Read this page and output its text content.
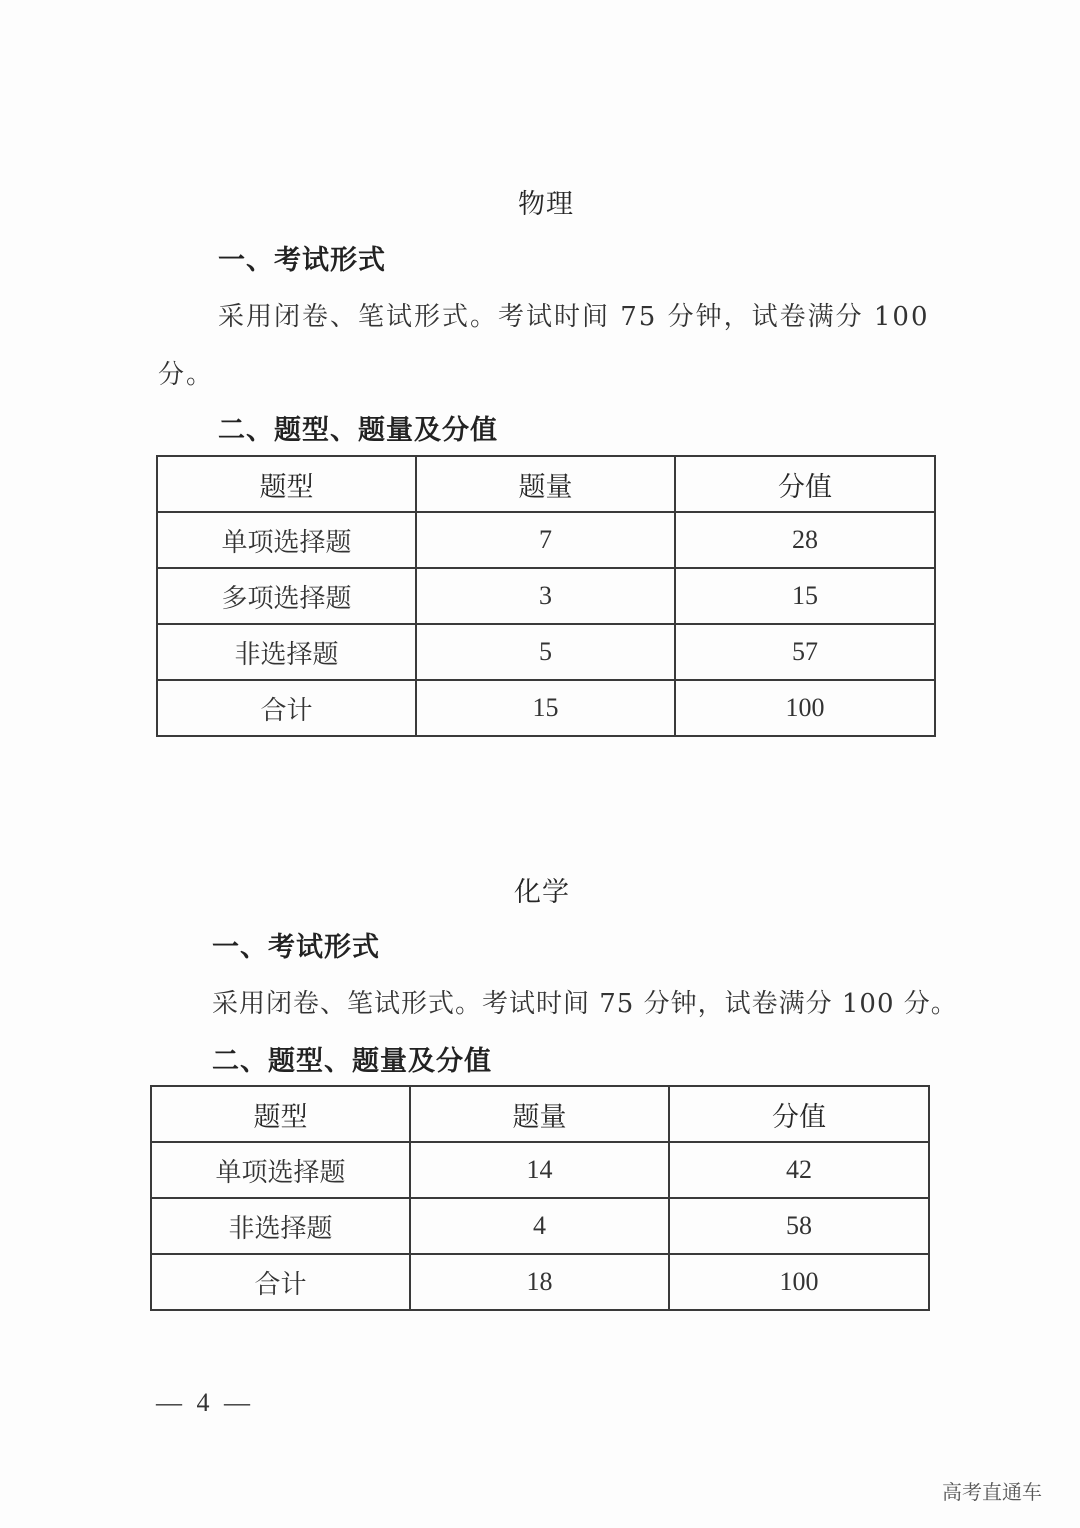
物理
一、考试形式
采用闭卷、笔试形式。考试时间 75 分钟，试卷满分 100
分。
二、题型、题量及分值
题型	题量	分值
单项选择题	7	28
多项选择题	3	15
非选择题	5	57
合计	15	100
化学
一、考试形式
采用闭卷、笔试形式。考试时间 75 分钟，试卷满分 100 分。
二、题型、题量及分值
题型	题量	分值
单项选择题	14	42
非选择题	4	58
合计	18	100
— 4 —
高考直通车
